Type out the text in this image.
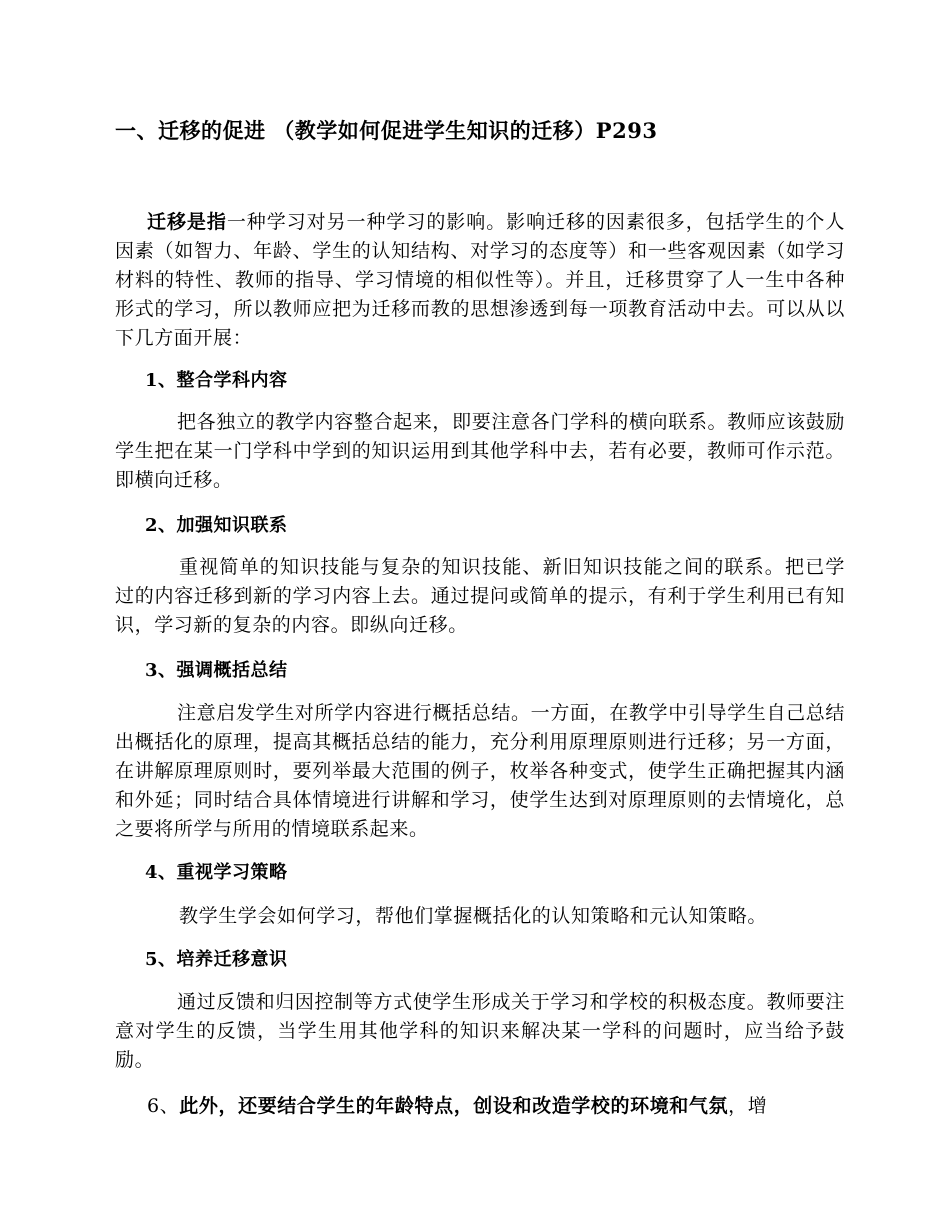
一、迁移的促进 （教学如何促进学生知识的迁移）P293
迁移是指一种学习对另一种学习的影响。影响迁移的因素很多，包括学生的个人因素（如智力、年龄、学生的认知结构、对学习的态度等）和一些客观因素（如学习材料的特性、教师的指导、学习情境的相似性等）。并且，迁移贯穿了人一生中各种形式的学习，所以教师应把为迁移而教的思想渗透到每一项教育活动中去。可以从以下几方面开展：
1、整合学科内容
把各独立的教学内容整合起来，即要注意各门学科的横向联系。教师应该鼓励学生把在某一门学科中学到的知识运用到其他学科中去，若有必要，教师可作示范。即横向迁移。
2、加强知识联系
重视简单的知识技能与复杂的知识技能、新旧知识技能之间的联系。把已学过的内容迁移到新的学习内容上去。通过提问或简单的提示，有利于学生利用已有知识，学习新的复杂的内容。即纵向迁移。
3、强调概括总结
注意启发学生对所学内容进行概括总结。一方面，在教学中引导学生自己总结出概括化的原理，提高其概括总结的能力，充分利用原理原则进行迁移；另一方面，在讲解原理原则时，要列举最大范围的例子，枚举各种变式，使学生正确把握其内涵和外延；同时结合具体情境进行讲解和学习，使学生达到对原理原则的去情境化，总之要将所学与所用的情境联系起来。
4、重视学习策略
教学生学会如何学习，帮他们掌握概括化的认知策略和元认知策略。
5、培养迁移意识
通过反馈和归因控制等方式使学生形成关于学习和学校的积极态度。教师要注意对学生的反馈，当学生用其他学科的知识来解决某一学科的问题时，应当给予鼓励。
6、此外，还要结合学生的年龄特点，创设和改造学校的环境和气氛，增
